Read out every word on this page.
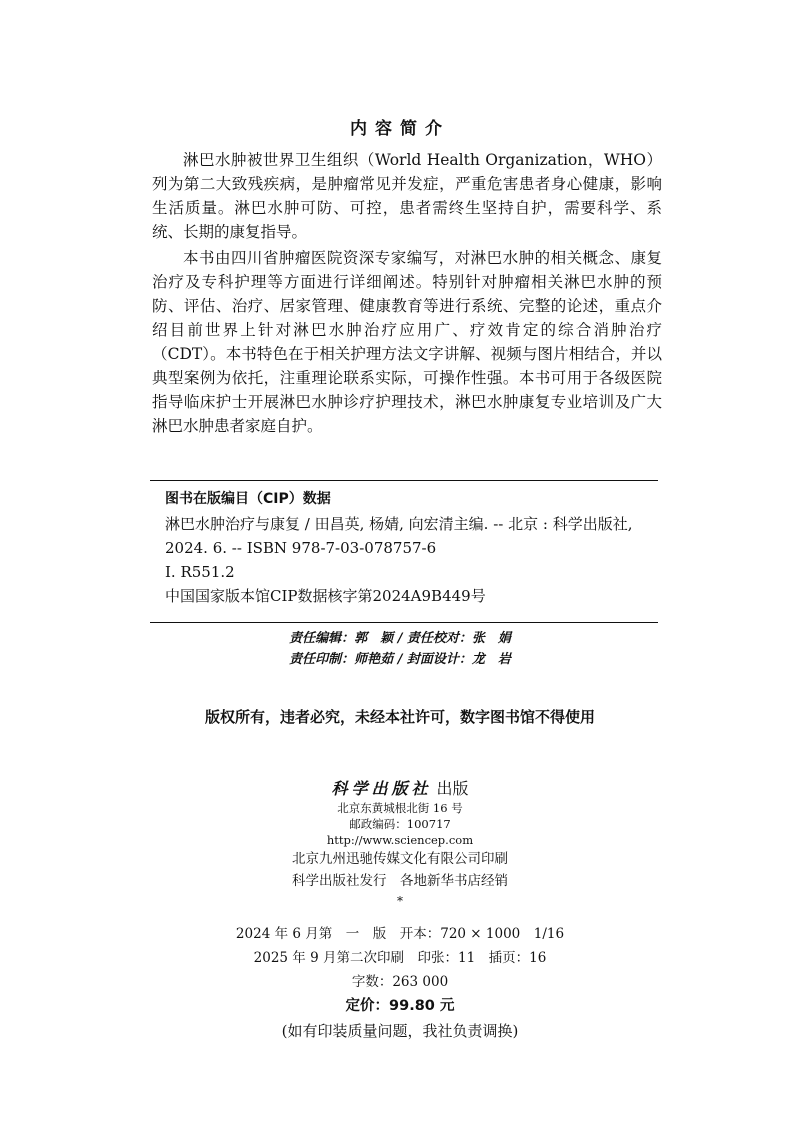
内容简介

淋巴水肿被世界卫生组织（World Health Organization，WHO）列为第二大致残疾病，是肿瘤常见并发症，严重危害患者身心健康，影响生活质量。淋巴水肿可防、可控，患者需终生坚持自护，需要科学、系统、长期的康复指导。

本书由四川省肿瘤医院资深专家编写，对淋巴水肿的相关概念、康复治疗及专科护理等方面进行详细阐述。特别针对肿瘤相关淋巴水肿的预防、评估、治疗、居家管理、健康教育等进行系统、完整的论述，重点介绍目前世界上针对淋巴水肿治疗应用广、疗效肯定的综合消肿治疗（CDT）。本书特色在于相关护理方法文字讲解、视频与图片相结合，并以典型案例为依托，注重理论联系实际，可操作性强。本书可用于各级医院指导临床护士开展淋巴水肿诊疗护理技术，淋巴水肿康复专业培训及广大淋巴水肿患者家庭自护。

图书在版编目（CIP）数据
淋巴水肿治疗与康复 / 田昌英, 杨婧, 向宏清主编. -- 北京 : 科学出版社,
2024. 6. -- ISBN 978-7-03-078757-6
Ⅰ. R551.2
中国国家版本馆CIP数据核字第2024A9B449号
责任编辑：郭　颖 / 责任校对：张　娟
责任印制：师艳茹 / 封面设计：龙　岩
版权所有，违者必究，未经本社许可，数字图书馆不得使用
科学出版社 出版
北京东黄城根北街 16 号
邮政编码：100717
http://www.sciencep.com
北京九州迅驰传媒文化有限公司印刷
科学出版社发行　各地新华书店经销
*
2024 年 6 月第　一　版　开本：720 × 1000　1/16
2025 年 9 月第二次印刷　印张：11　插页：16
字数：263 000
定价：99.80 元
(如有印装质量问题，我社负责调换)
